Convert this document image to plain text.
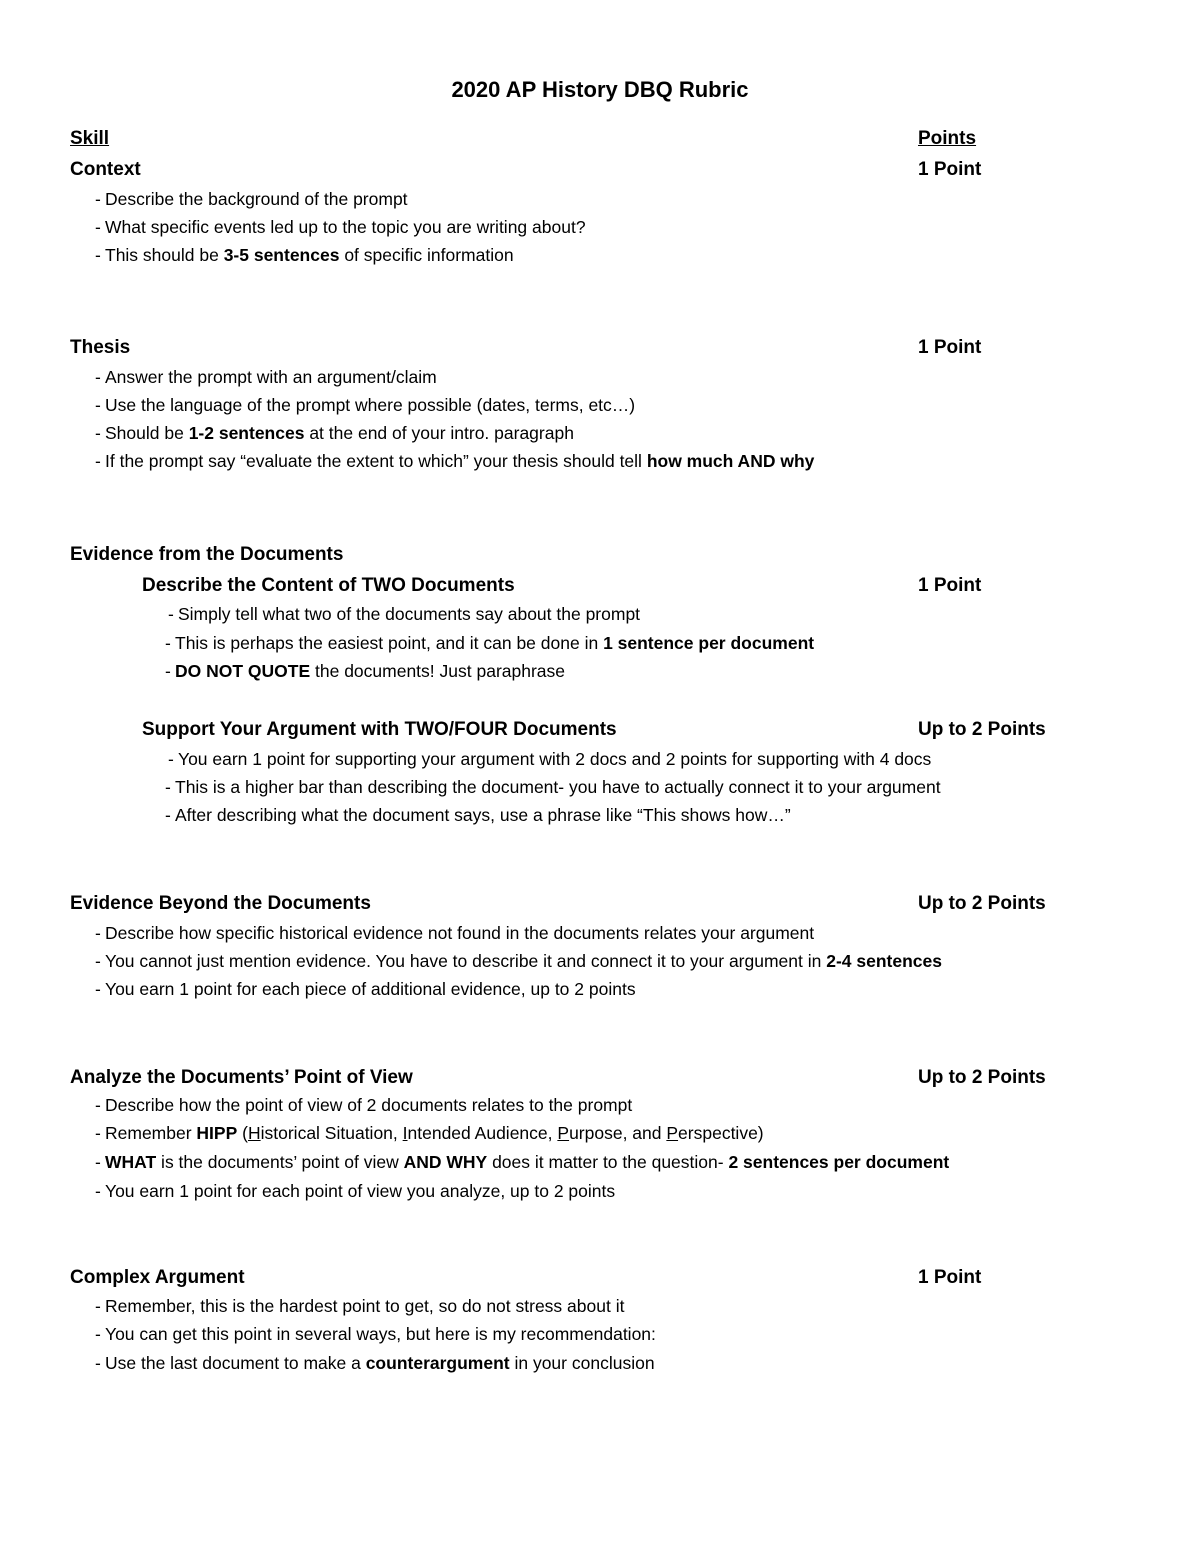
2020 AP History DBQ Rubric
Skill	Points
Context	1 Point
- Describe the background of the prompt
- What specific events led up to the topic you are writing about?
- This should be 3-5 sentences of specific information
Thesis	1 Point
- Answer the prompt with an argument/claim
- Use the language of the prompt where possible (dates, terms, etc…)
- Should be 1-2 sentences at the end of your intro. paragraph
- If the prompt say “evaluate the extent to which” your thesis should tell how much AND why
Evidence from the Documents
Describe the Content of TWO Documents	1 Point
- Simply tell what two of the documents say about the prompt
- This is perhaps the easiest point, and it can be done in 1 sentence per document
- DO NOT QUOTE the documents! Just paraphrase
Support Your Argument with TWO/FOUR Documents	Up to 2 Points
- You earn 1 point for supporting your argument with 2 docs and 2 points for supporting with 4 docs
- This is a higher bar than describing the document- you have to actually connect it to your argument
- After describing what the document says, use a phrase like “This shows how…”
Evidence Beyond the Documents	Up to 2 Points
- Describe how specific historical evidence not found in the documents relates your argument
- You cannot just mention evidence. You have to describe it and connect it to your argument in 2-4 sentences
- You earn 1 point for each piece of additional evidence, up to 2 points
Analyze the Documents’ Point of View	Up to 2 Points
- Describe how the point of view of 2 documents relates to the prompt
- Remember HIPP (Historical Situation, Intended Audience, Purpose, and Perspective)
- WHAT is the documents’ point of view AND WHY does it matter to the question- 2 sentences per document
- You earn 1 point for each point of view you analyze, up to 2 points
Complex Argument	1 Point
- Remember, this is the hardest point to get, so do not stress about it
- You can get this point in several ways, but here is my recommendation:
- Use the last document to make a counterargument in your conclusion
